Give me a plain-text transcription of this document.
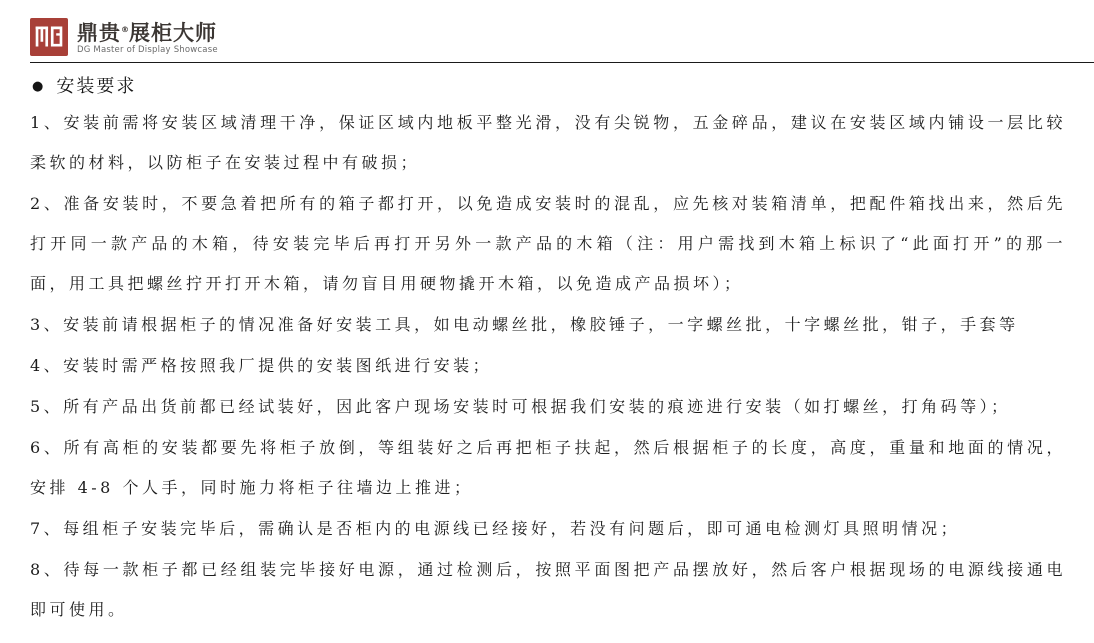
鼎贵®展柜大师
DG Master of Display Showcase
● 安装要求

1、安装前需将安装区域清理干净，保证区域内地板平整光滑，没有尖锐物，五金碎品，建议在安装区域内铺设一层比较柔软的材料，以防柜子在安装过程中有破损；

2、准备安装时，不要急着把所有的箱子都打开，以免造成安装时的混乱，应先核对装箱清单，把配件箱找出来，然后先打开同一款产品的木箱，待安装完毕后再打开另外一款产品的木箱（注：用户需找到木箱上标识了“此面打开”的那一面，用工具把螺丝拧开打开木箱，请勿盲目用硬物撬开木箱，以免造成产品损坏）；

3、安装前请根据柜子的情况准备好安装工具，如电动螺丝批，橡胶锤子，一字螺丝批，十字螺丝批，钳子，手套等

4、安装时需严格按照我厂提供的安装图纸进行安装；

5、所有产品出货前都已经试装好，因此客户现场安装时可根据我们安装的痕迹进行安装（如打螺丝，打角码等）；

6、所有高柜的安装都要先将柜子放倒，等组装好之后再把柜子扶起，然后根据柜子的长度，高度，重量和地面的情况，安排 4-8 个人手，同时施力将柜子往墙边上推进；

7、每组柜子安装完毕后，需确认是否柜内的电源线已经接好，若没有问题后，即可通电检测灯具照明情况；

8、待每一款柜子都已经组装完毕接好电源，通过检测后，按照平面图把产品摆放好，然后客户根据现场的电源线接通电即可使用。
